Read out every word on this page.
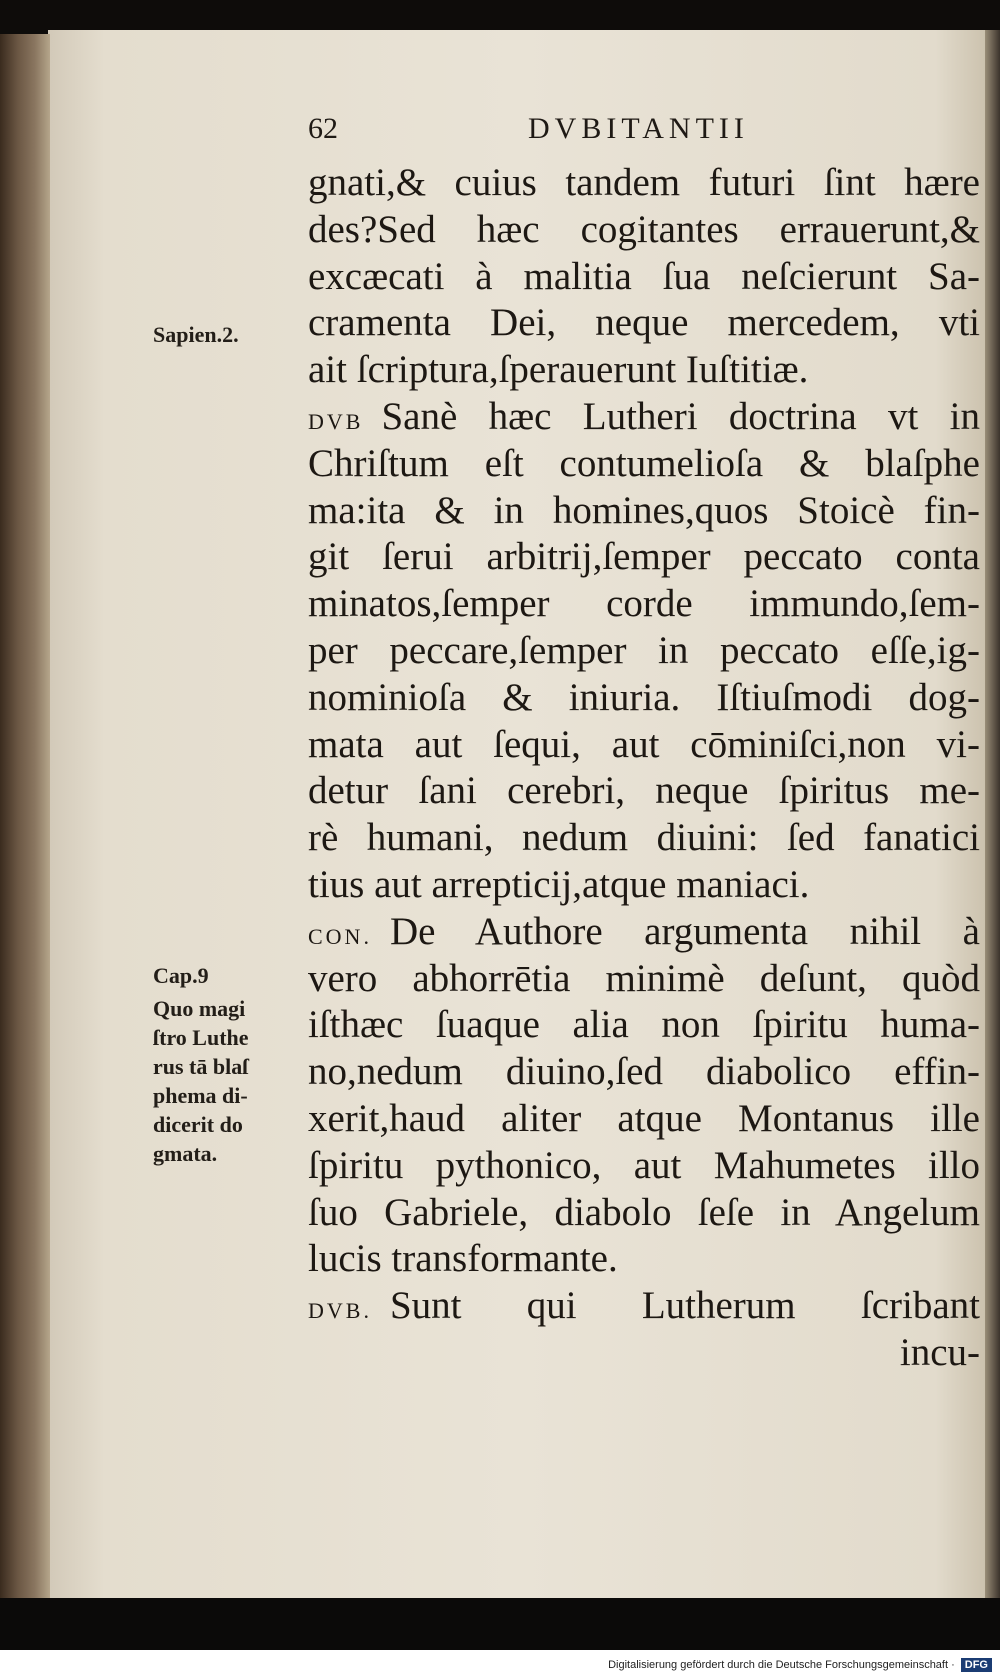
62	DVBITANTII
Sapien.2.
Cap.9
Quo magi
ſtro Luthe
rus tā blaſ
phema di-
dicerit do
gmata.
gnati,& cuius tandem futuri ſint hære
des?Sed hæc cogitantes errauerunt,&
excæcati à malitia ſua neſcierunt Sa-
cramenta Dei, neque mercedem, vti
ait ſcriptura,ſperauerunt Iuſtitiæ.
DVB Sanè hæc Lutheri doctrina vt in
Chriſtum eſt contumelioſa & blaſphe
ma:ita & in homines,quos Stoicè fin-
git ſerui arbitrij,ſemper peccato conta
minatos,ſemper corde immundo,ſem-
per peccare,ſemper in peccato eſſe,ig-
nominioſa & iniuria. Iſtiuſmodi dog-
mata aut ſequi, aut cōminiſci,non vi-
detur ſani cerebri, neque ſpiritus me-
rè humani, nedum diuini: ſed fanatici
tius aut arrepticij,atque maniaci.
CON. De Authore argumenta nihil à
vero abhorrētia minimè deſunt, quòd
iſthæc ſuaque alia non ſpiritu huma-
no,nedum diuino,ſed diabolico effin-
xerit,haud aliter atque Montanus ille
ſpiritu pythonico, aut Mahumetes illo
ſuo Gabriele, diabolo ſeſe in Angelum
lucis transformante.
DVB. Sunt qui Lutherum ſcribant
incu-
Digitalisierung gefördert durch die Deutsche Forschungsgemeinschaft · DFG
